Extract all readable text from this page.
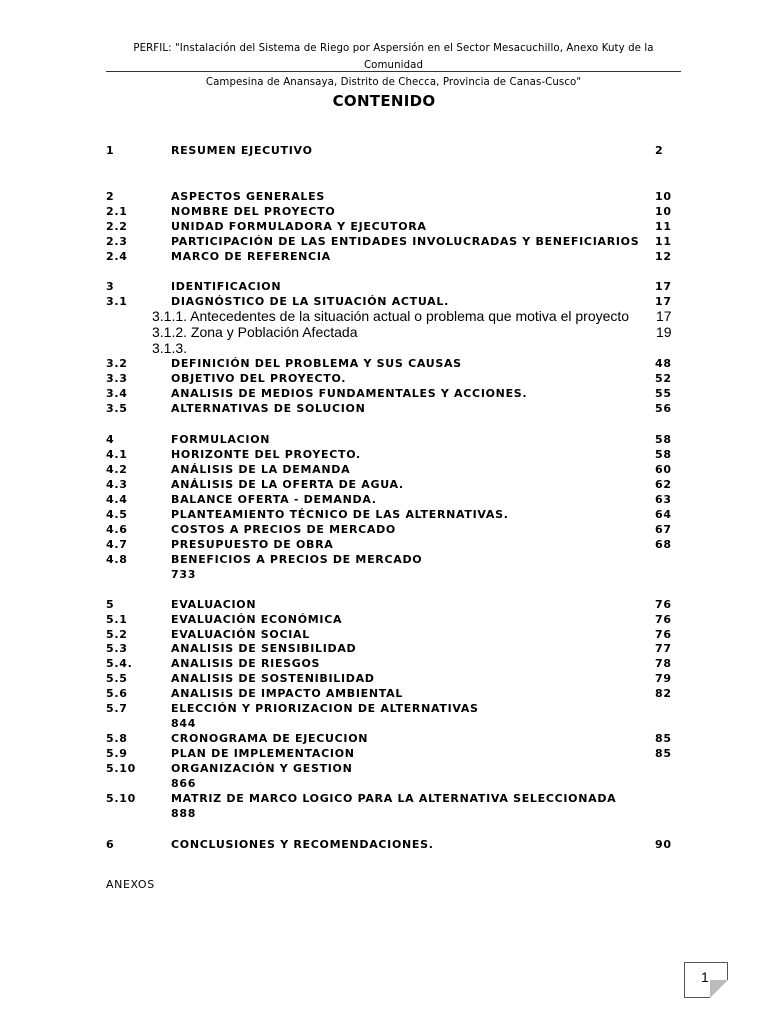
PERFIL: "Instalación del Sistema de Riego por Aspersión en el Sector Mesacuchillo, Anexo Kuty de la Comunidad
Campesina de Anansaya, Distrito de Checca, Provincia de Canas-Cusco"
CONTENIDO
1	RESUMEN EJECUTIVO	2
2	ASPECTOS GENERALES	10
2.1	NOMBRE DEL PROYECTO	10
2.2	UNIDAD FORMULADORA Y EJECUTORA	11
2.3	PARTICIPACIÓN DE LAS ENTIDADES INVOLUCRADAS Y BENEFICIARIOS 11
2.4	MARCO DE REFERENCIA	12
3	IDENTIFICACION	17
3.1	DIAGNÓSTICO DE LA SITUACIÓN ACTUAL.	17
3.1.1. Antecedentes de la situación actual o problema que motiva el proyecto 17
3.1.2. Zona y Población Afectada	19
3.1.3.
3.2	DEFINICIÓN DEL PROBLEMA Y SUS CAUSAS	48
3.3	OBJETIVO DEL PROYECTO.	52
3.4	ANALISIS DE MEDIOS FUNDAMENTALES Y ACCIONES.	55
3.5	ALTERNATIVAS DE SOLUCION	56
4	FORMULACION	58
4.1	HORIZONTE DEL PROYECTO.	58
4.2	ANÁLISIS DE LA DEMANDA	60
4.3	ANÁLISIS DE LA OFERTA DE AGUA.	62
4.4	BALANCE OFERTA - DEMANDA.	63
4.5	PLANTEAMIENTO TÉCNICO DE LAS ALTERNATIVAS.	64
4.6	COSTOS A PRECIOS DE MERCADO	67
4.7	PRESUPUESTO DE OBRA	68
4.8	BENEFICIOS A PRECIOS DE MERCADO
733
5	EVALUACION	76
5.1	EVALUACIÓN ECONÓMICA	76
5.2	EVALUACIÓN SOCIAL	76
5.3	ANALISIS DE SENSIBILIDAD	77
5.4.	ANALISIS DE RIESGOS	78
5.5	ANALISIS DE SOSTENIBILIDAD	79
5.6	ANALISIS DE IMPACTO AMBIENTAL	82
5.7	ELECCIÓN Y PRIORIZACION DE ALTERNATIVAS
844
5.8	CRONOGRAMA DE EJECUCION	85
5.9	PLAN DE IMPLEMENTACION	85
5.10	ORGANIZACIÓN Y GESTION
866
5.10	MATRIZ DE MARCO LOGICO PARA LA ALTERNATIVA SELECCIONADA
888
6	CONCLUSIONES Y RECOMENDACIONES.	90
ANEXOS
1
